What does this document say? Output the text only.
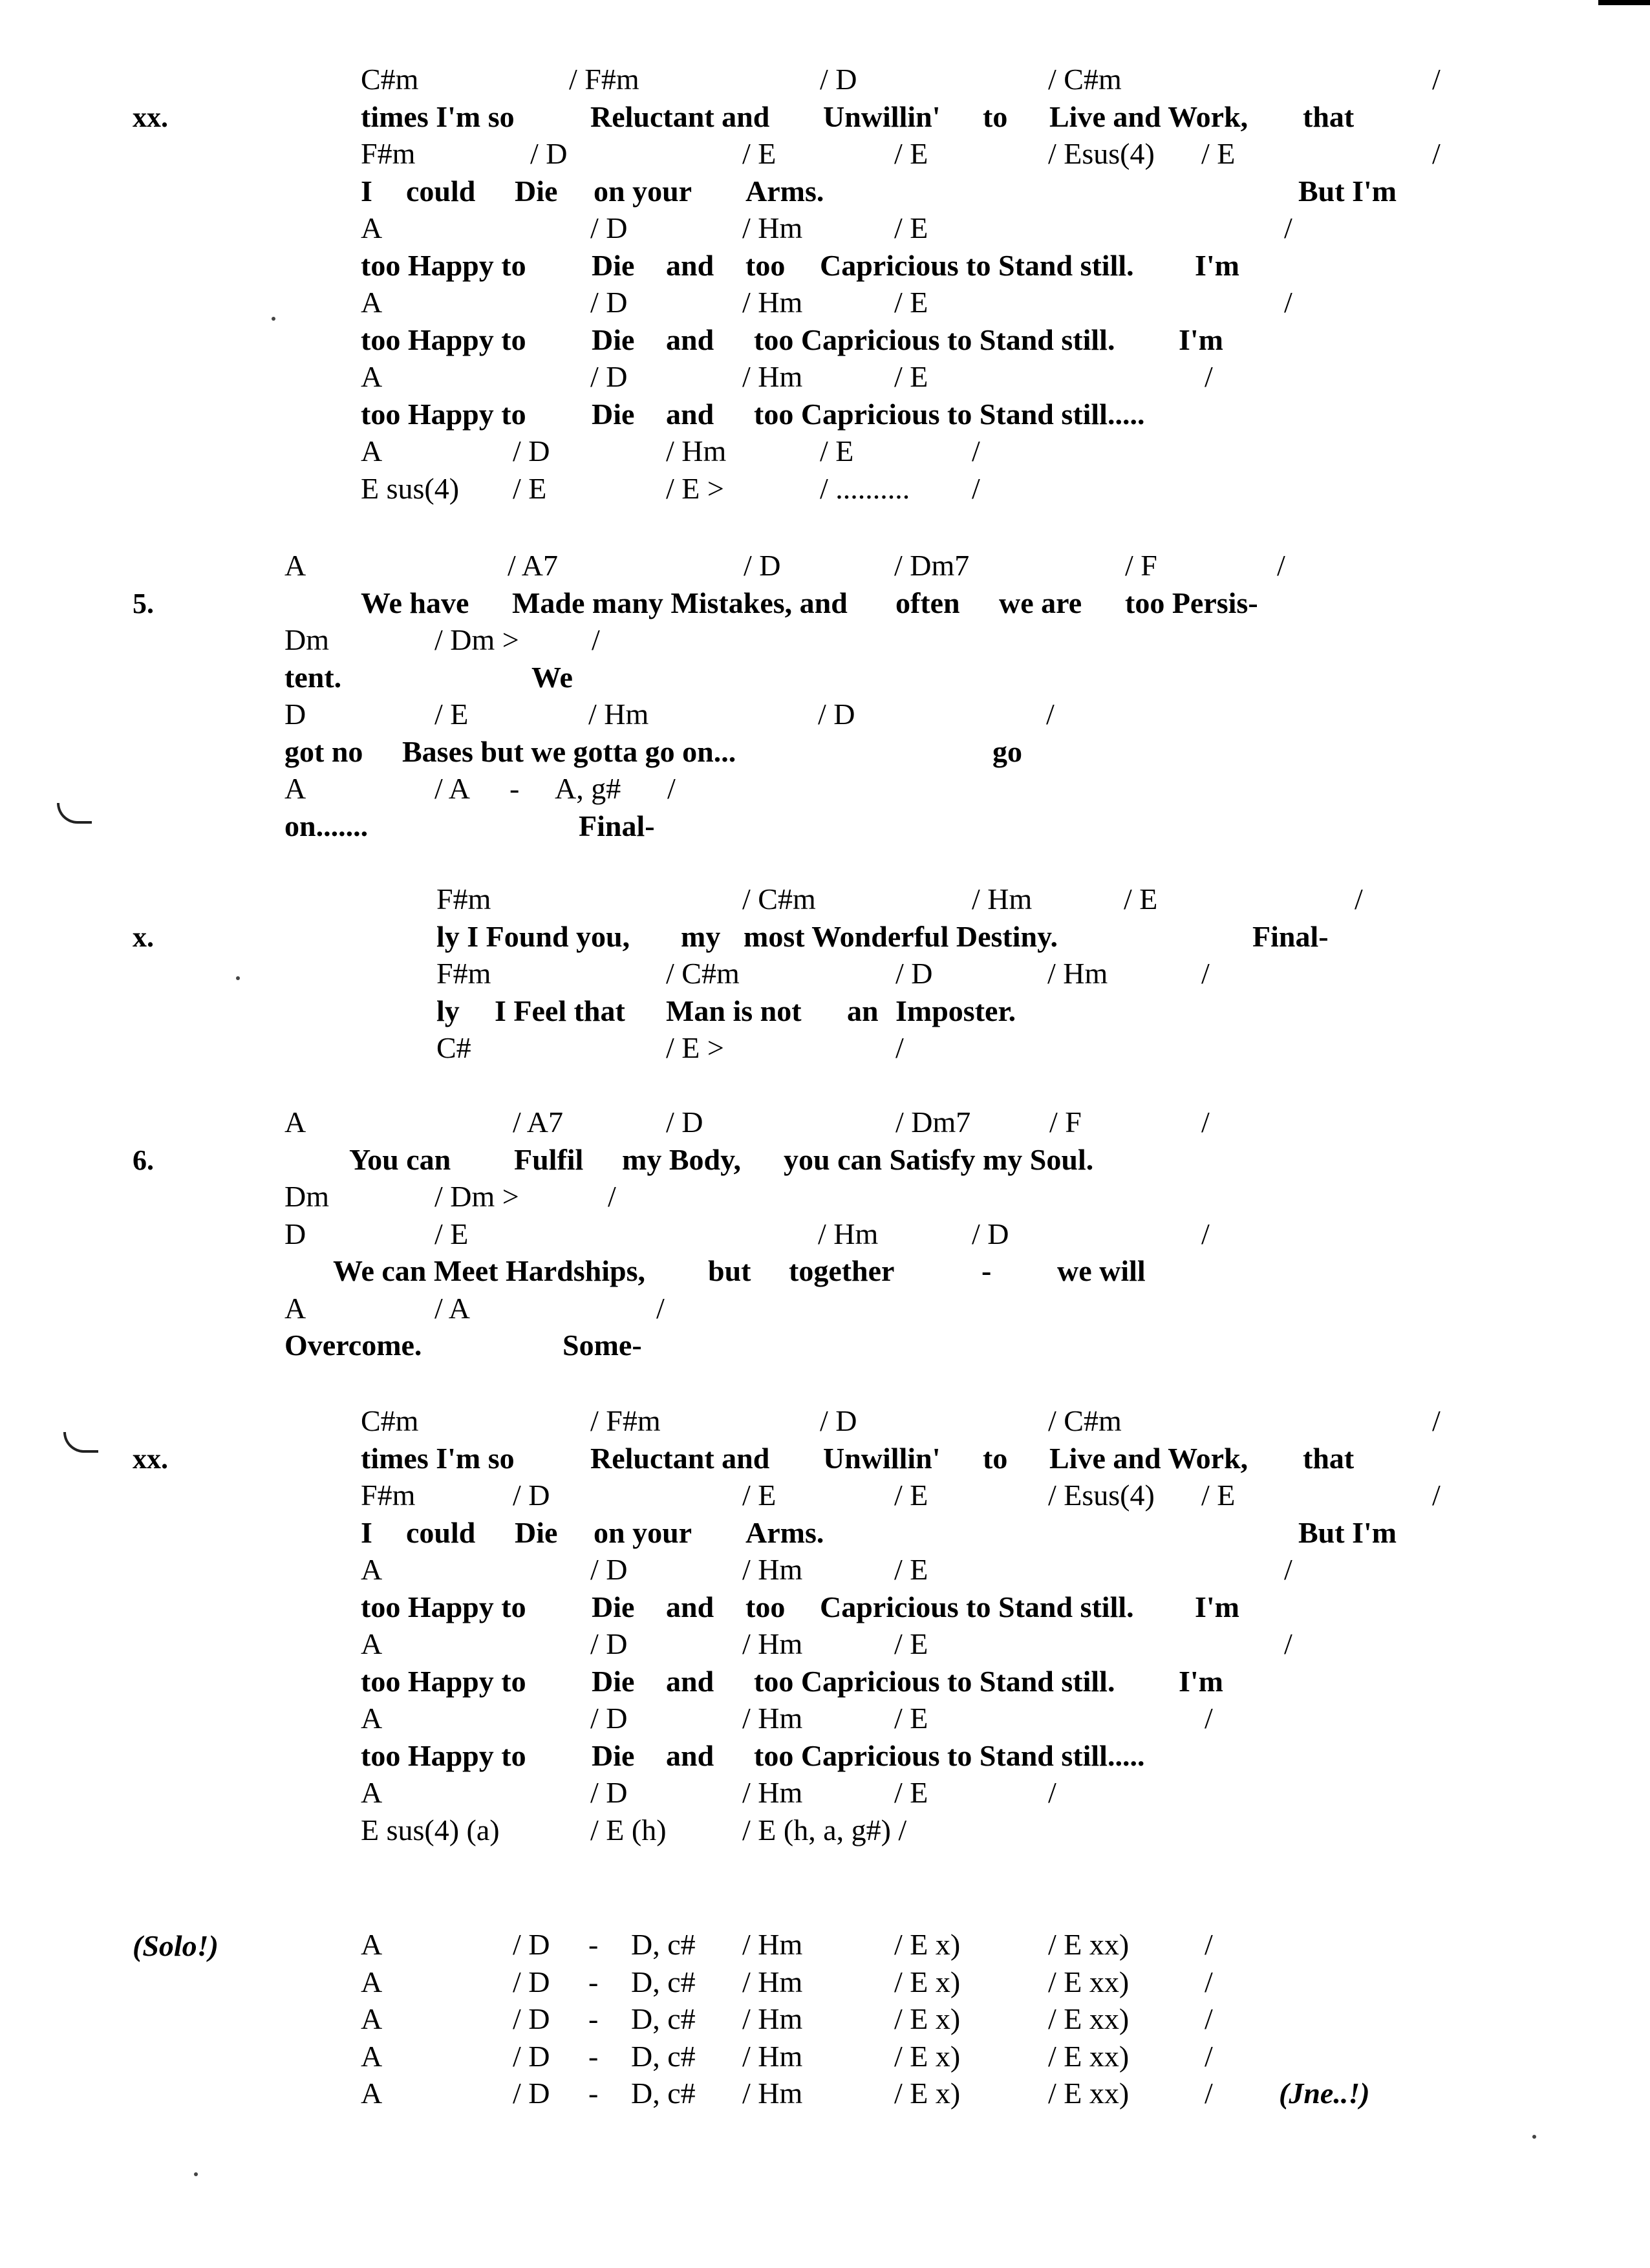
C#m	/ F#m	/ D	/ C#m	/
times I'm so	Reluctant and Unwillin' to Live and Work, that
F#m	/ D	/ E	/ E	/ Esus(4) / E	/
I could Die on your Arms.	But I'm
A	/ D	/ Hm	/ E	/
too Happy to Die and too Capricious to Stand still. I'm
A	/ D	/ Hm	/ E	/
too Happy to Die and too Capricious to Stand still. I'm
A	/ D	/ Hm	/ E	/
too Happy to Die and too Capricious to Stand still.....
A	/ D	/ Hm	/ E	/
E sus(4) / E	/ E >	/ .......... /
xx.
A	/ A7	/ D	/ Dm7	/ F	/
We have Made many Mistakes, and often we are too Persis-
Dm	/ Dm > /
tent.	We
D	/ E	/ Hm	/ D	/
got no Bases but we gotta go on...	go
A	/ A - A, g# /
on.......	Final-
5.
F#m	/ C#m	/ Hm	/ E	/
ly I Found you, my most Wonderful Destiny.	Final-
F#m	/ C#m	/ D	/ Hm	/
ly I Feel that Man is not an Imposter.
C#	/ E >	/
x.
A	/ A7	/ D	/ Dm7	/ F	/
You can Fulfil my Body, you can Satisfy my Soul.
Dm	/ Dm >	/
D	/ E	/ Hm	/ D	/
We can Meet Hardships, but together	- we will
A	/ A	/
Overcome.	Some-
6.
C#m	/ F#m	/ D	/ C#m	/
times I'm so	Reluctant and Unwillin' to Live and Work, that
F#m	/ D	/ E	/ E	/ Esus(4) / E	/
I could Die on your Arms.	But I'm
A	/ D	/ Hm	/ E	/
too Happy to Die and too Capricious to Stand still. I'm
A	/ D	/ Hm	/ E	/
too Happy to Die and too Capricious to Stand still. I'm
A	/ D	/ Hm	/ E	/
too Happy to Die and too Capricious to Stand still.....
A	/ D	/ Hm	/ E	/
E sus(4) (a)	/ E (h)	/ E (h, a, g#) /
xx.
A	/ D - D, c# / Hm	/ E x)	/ E xx)	/
A	/ D - D, c# / Hm	/ E x)	/ E xx)	/
A	/ D - D, c# / Hm	/ E x)	/ E xx)	/
A	/ D - D, c# / Hm	/ E x)	/ E xx)	/
A	/ D - D, c# / Hm	/ E x)	/ E xx)	/ (Jne..!)
(Solo!)
